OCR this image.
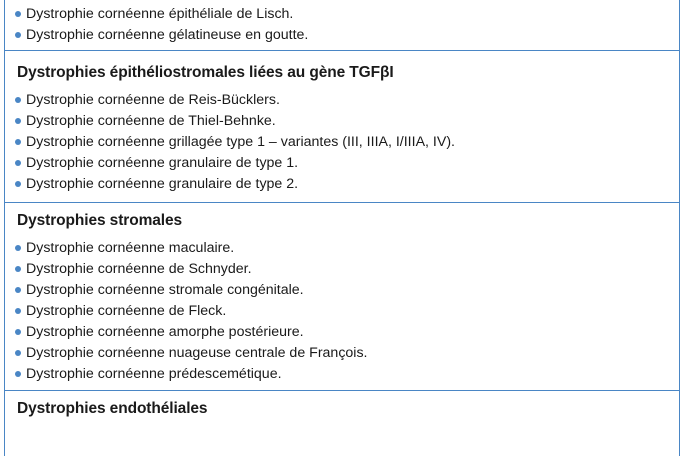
Dystrophie cornéenne épithéliale de Lisch.
Dystrophie cornéenne gélatineuse en goutte.
Dystrophies épithéliostromales liées au gène TGFβI
Dystrophie cornéenne de Reis-Bücklers.
Dystrophie cornéenne de Thiel-Behnke.
Dystrophie cornéenne grillagée type 1 – variantes (III, IIIA, I/IIIA, IV).
Dystrophie cornéenne granulaire de type 1.
Dystrophie cornéenne granulaire de type 2.
Dystrophies stromales
Dystrophie cornéenne maculaire.
Dystrophie cornéenne de Schnyder.
Dystrophie cornéenne stromale congénitale.
Dystrophie cornéenne de Fleck.
Dystrophie cornéenne amorphe postérieure.
Dystrophie cornéenne nuageuse centrale de François.
Dystrophie cornéenne prédescemétique.
Dystrophies endothéliales
